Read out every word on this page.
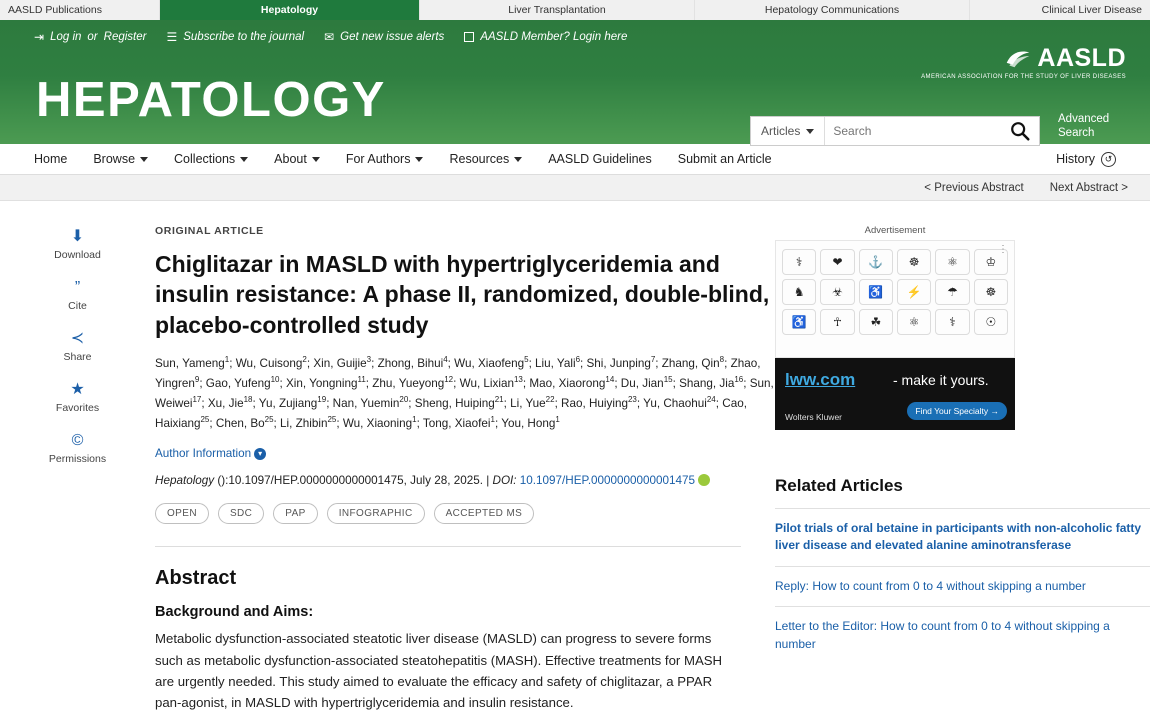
AASLD Publications	Hepatology	Liver Transplantation	Hepatology Communications	Clinical Liver Disease
⇥ Log in or Register ☰ Subscribe to the journal ✉ Get new issue alerts	AASLD Member? Login here
HEPATOLOGY
AASLD
AMERICAN ASSOCIATION FOR THE STUDY OF LIVER DISEASES
Articles
Search
Advanced Search
Home Browse	Collections	About	For Authors	Resources	AASLD Guidelines Submit an Article	History	↺
< Previous Abstract Next Abstract >
⬇
Download
”
Cite
≺
Share
★
Favorites
©
Permissions
ORIGINAL ARTICLE
Chiglitazar in MASLD with hypertriglyceridemia and insulin resistance: A phase II, randomized, double-blind, placebo-controlled study
Sun, Yameng$^1$; Wu, Cuisong$^2$; Xin, Guijie$^3$; Zhong, Bihui$^4$; Wu, Xiaofeng$^5$; Liu, Yali$^6$; Shi, Junping$^7$; Zhang, Qin$^8$; Zhao, Yingren$^9$; Gao, Yufeng$^{10}$; Xin, Yongning$^{11}$; Zhu, Yueyong$^{12}$; Wu, Lixian$^{13}$; Mao, Xiaorong$^{14}$; Du, Jian$^{15}$; Shang, Jia$^{16}$; Sun, Weiwei$^{17}$; Xu, Jie$^{18}$; Yu, Zujiang$^{19}$; Nan, Yuemin$^{20}$; Sheng, Huiping$^{21}$; Li, Yue$^{22}$; Rao, Huiying$^{23}$; Yu, Chaohui$^{24}$; Cao, Haixiang$^{25}$; Chen, Bo$^{25}$; Li, Zhibin$^{25}$; Wu, Xiaoning$^1$; Tong, Xiaofei$^1$; You, Hong$^1$
Author Information ▾
Hepatology ():10.1097/HEP.0000000000001475, July 28, 2025. | DOI: 10.1097/HEP.0000000000001475
OPEN	SDC	PAP	INFOGRAPHIC	ACCEPTED MS
Abstract
Background and Aims:

Metabolic dysfunction-associated steatotic liver disease (MASLD) can progress to severe forms such as metabolic dysfunction-associated steatohepatitis (MASH). Effective treatments for MASH are urgently needed. This study aimed to evaluate the efficacy and safety of chiglitazar, a PPAR pan-agonist, in MASLD with hypertriglyceridemia and insulin resistance.

Advertisement
⋮
⚕	❤	⚓	☸	⚛	♔
♞	☣	♿	⚡	☂	☸
♿	☥	☘	⚛	⚕	☉
lww.com	- make it yours.
Wolters Kluwer
Find Your Specialty →
Related Articles
Pilot trials of oral betaine in participants with non-alcoholic fatty liver disease and elevated alanine aminotransferase
Reply: How to count from 0 to 4 without skipping a number
Letter to the Editor: How to count from 0 to 4 without skipping a number
